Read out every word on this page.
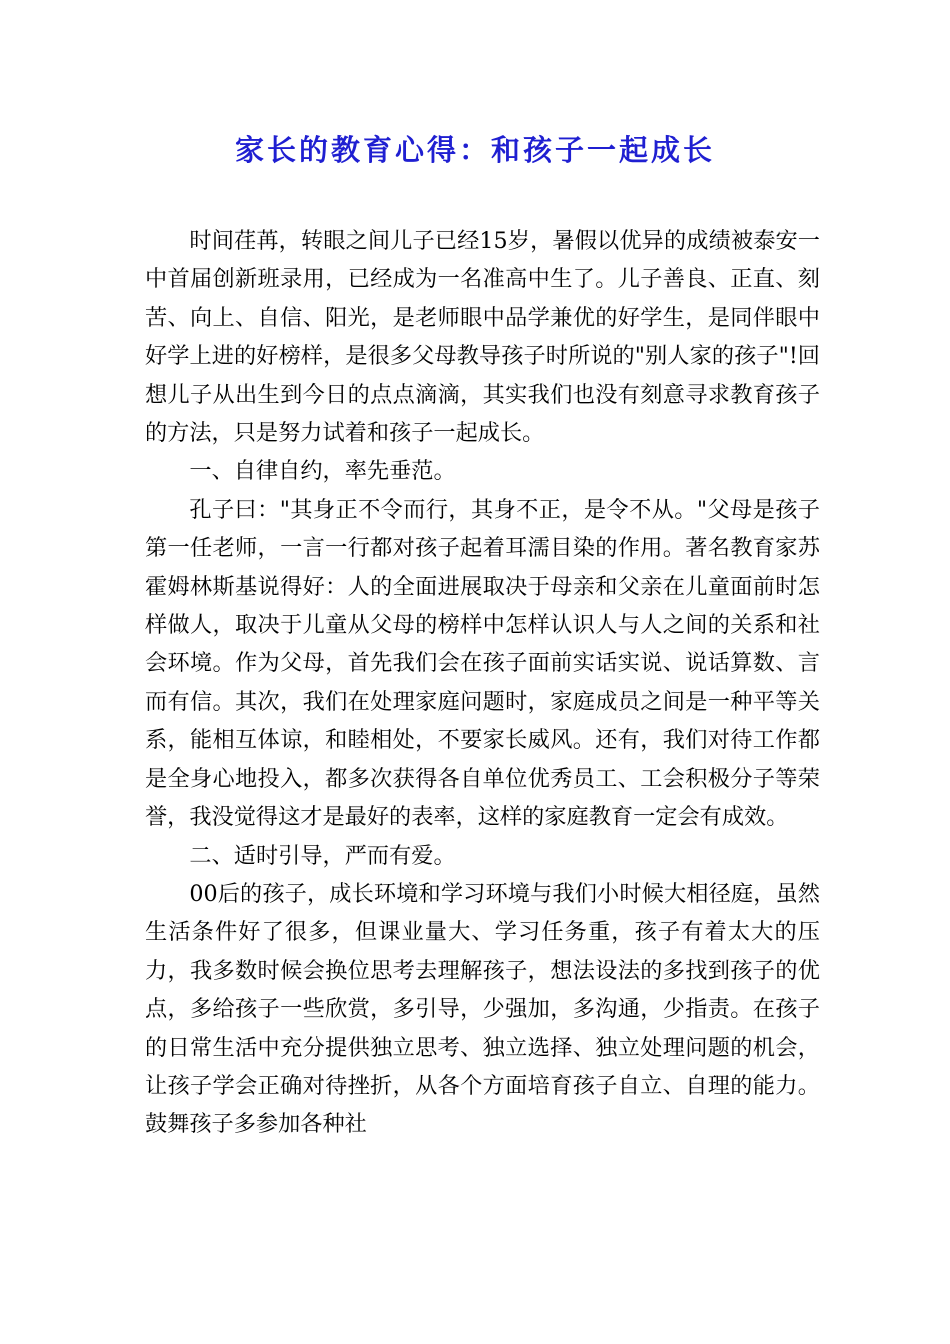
家长的教育心得：和孩子一起成长

时间荏苒，转眼之间儿子已经15岁，暑假以优异的成绩被泰安一中首届创新班录用，已经成为一名准高中生了。儿子善良、正直、刻苦、向上、自信、阳光，是老师眼中品学兼优的好学生，是同伴眼中好学上进的好榜样，是很多父母教导孩子时所说的"别人家的孩子"!回想儿子从出生到今日的点点滴滴，其实我们也没有刻意寻求教育孩子的方法，只是努力试着和孩子一起成长。

一、自律自约，率先垂范。

孔子曰："其身正不令而行，其身不正，是令不从。"父母是孩子第一任老师，一言一行都对孩子起着耳濡目染的作用。著名教育家苏霍姆林斯基说得好：人的全面进展取决于母亲和父亲在儿童面前时怎样做人，取决于儿童从父母的榜样中怎样认识人与人之间的关系和社会环境。作为父母，首先我们会在孩子面前实话实说、说话算数、言而有信。其次，我们在处理家庭问题时，家庭成员之间是一种平等关系，能相互体谅，和睦相处，不要家长威风。还有，我们对待工作都是全身心地投入，都多次获得各自单位优秀员工、工会积极分子等荣誉，我没觉得这才是最好的表率，这样的家庭教育一定会有成效。

二、适时引导，严而有爱。

00后的孩子，成长环境和学习环境与我们小时候大相径庭，虽然生活条件好了很多，但课业量大、学习任务重，孩子有着太大的压力，我多数时候会换位思考去理解孩子，想法设法的多找到孩子的优点，多给孩子一些欣赏，多引导，少强加，多沟通，少指责。在孩子的日常生活中充分提供独立思考、独立选择、独立处理问题的机会，让孩子学会正确对待挫折，从各个方面培育孩子自立、自理的能力。鼓舞孩子多参加各种社
